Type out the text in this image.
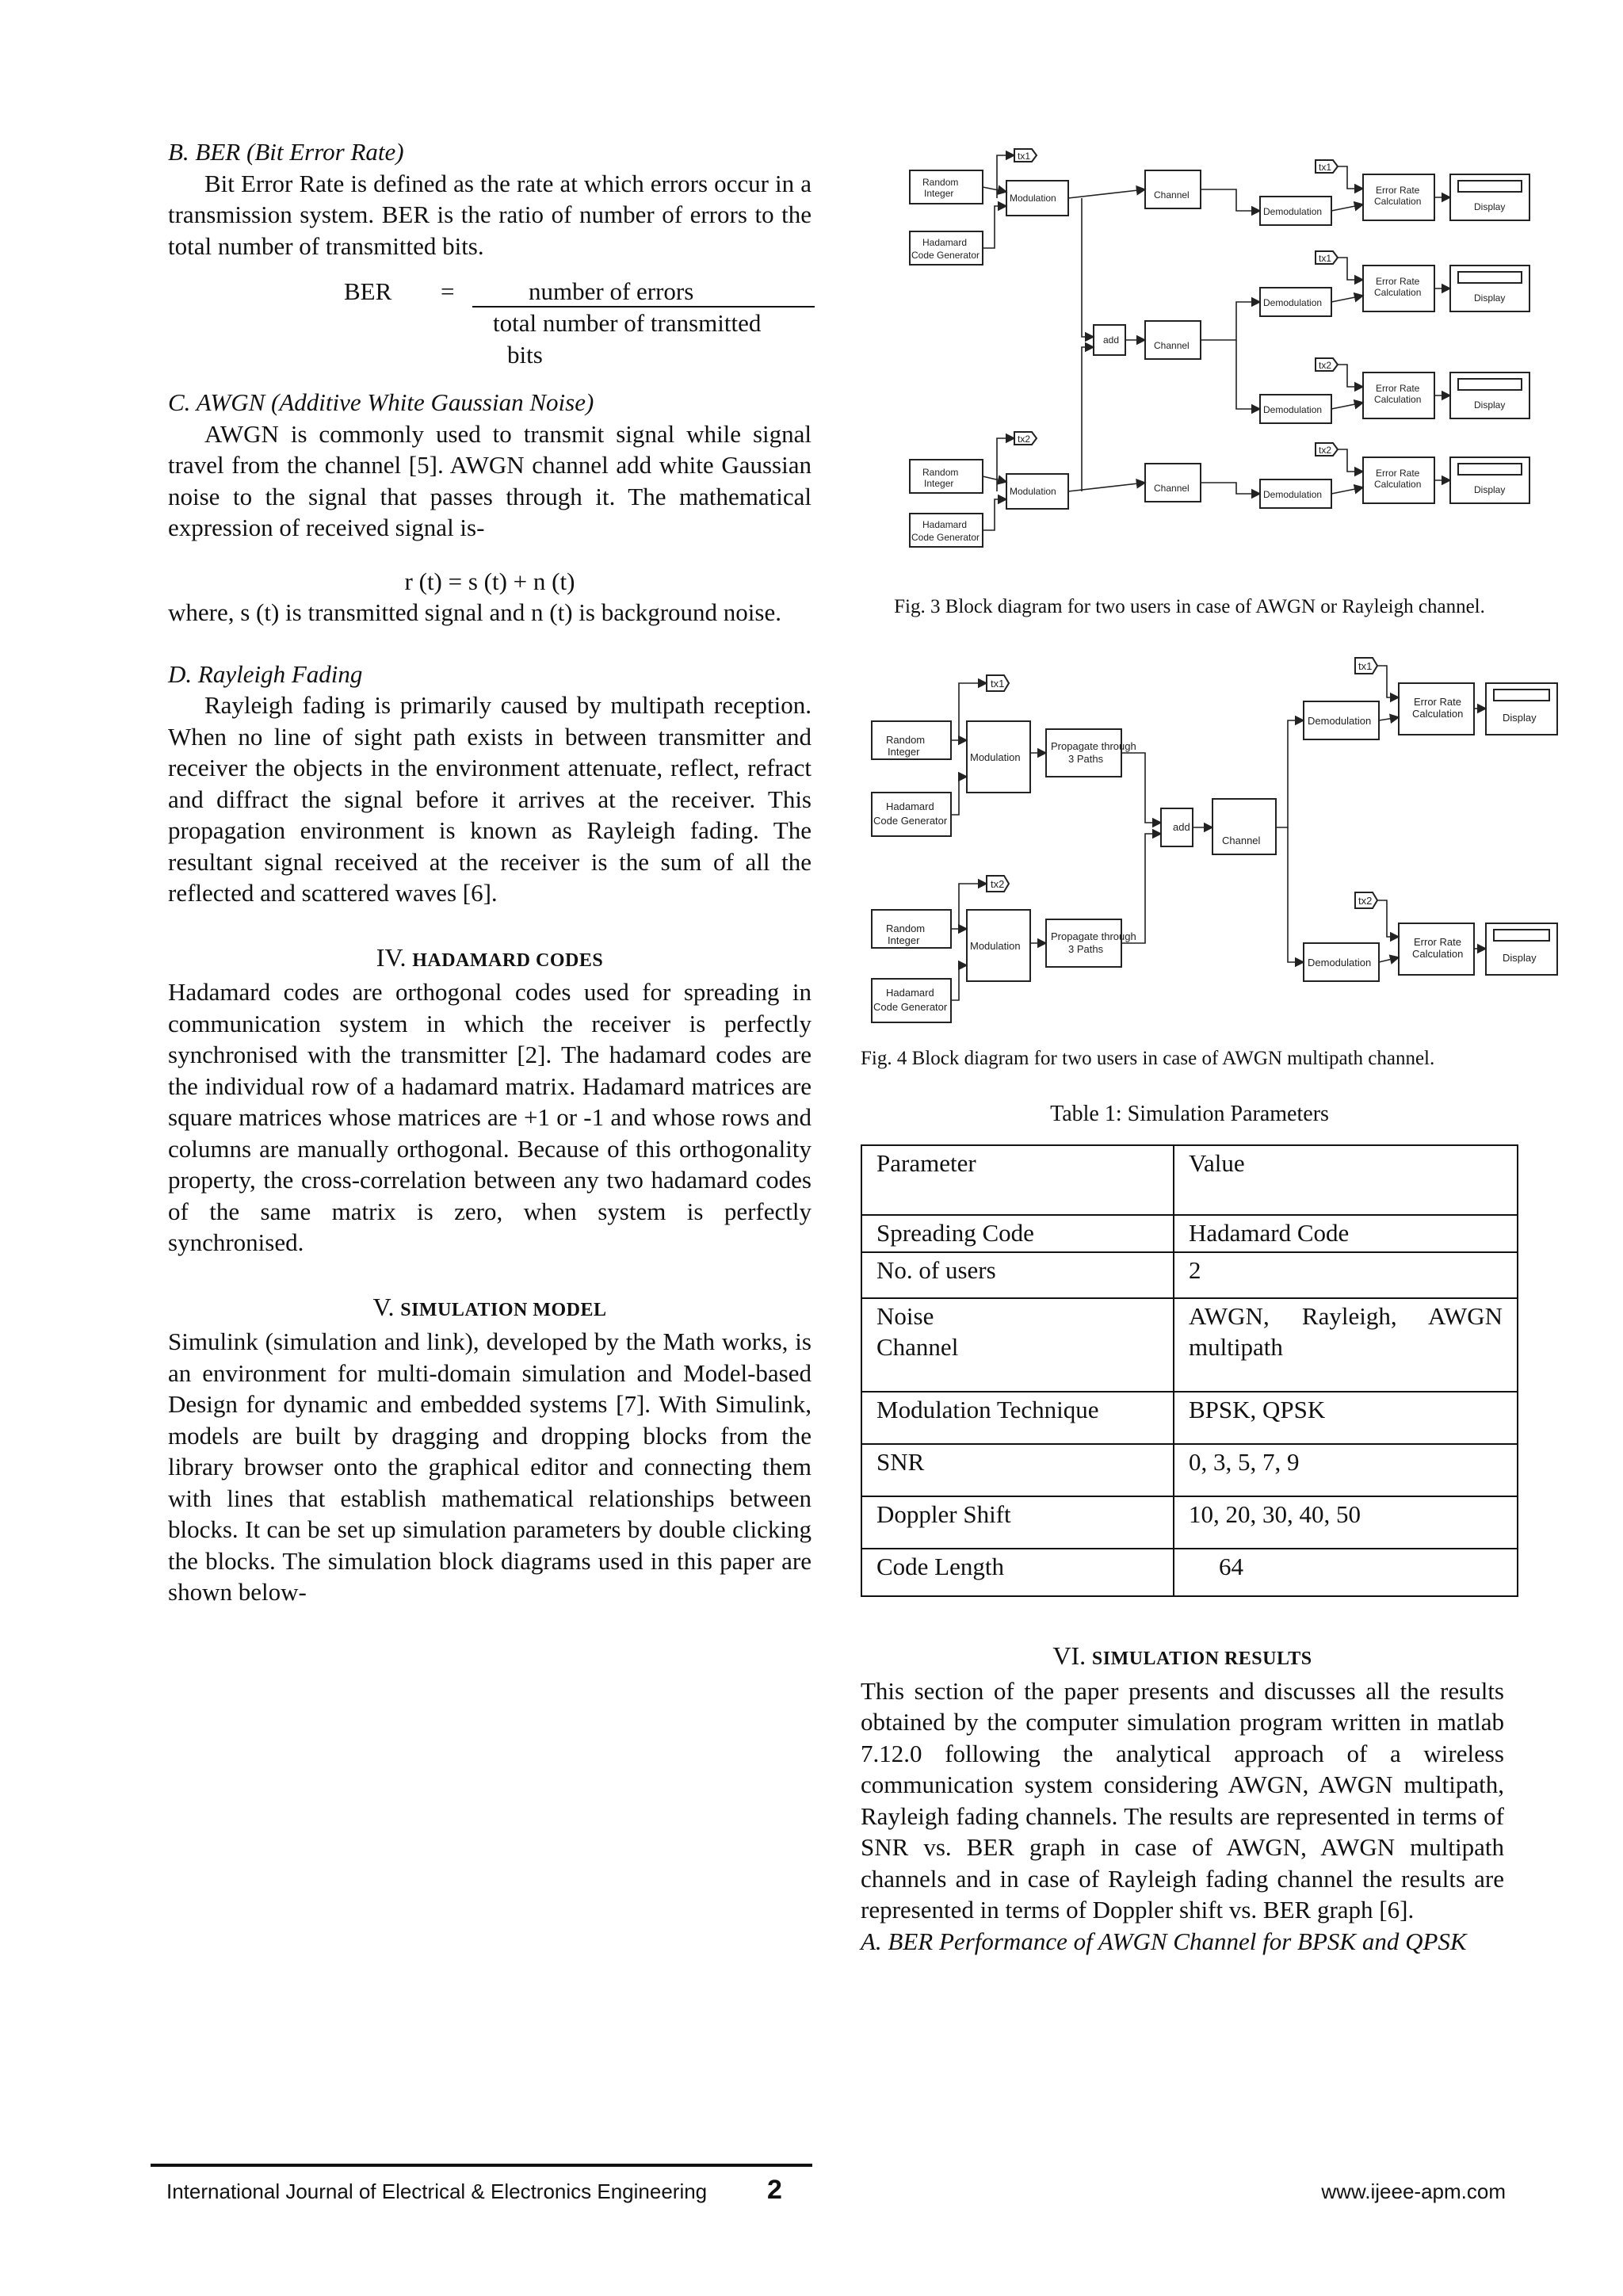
B. BER (Bit Error Rate)

Bit Error Rate is defined as the rate at which errors occur in a transmission system. BER is the ratio of number of errors to the total number of transmitted bits.

BER =	number of errors
total number of transmitted
bits

C. AWGN (Additive White Gaussian Noise)

AWGN is commonly used to transmit signal while signal travel from the channel [5]. AWGN channel add white Gaussian noise to the signal that passes through it. The mathematical expression of received signal is-

r (t) = s (t) + n (t)

where, s (t) is transmitted signal and n (t) is background noise.

D. Rayleigh Fading

Rayleigh fading is primarily caused by multipath reception. When no line of sight path exists in between transmitter and receiver the objects in the environment attenuate, reflect, refract and diffract the signal before it arrives at the receiver. This propagation environment is known as Rayleigh fading. The resultant signal received at the receiver is the sum of all the reflected and scattered waves [6].

IV. HADAMARD CODES

Hadamard codes are orthogonal codes used for spreading in communication system in which the receiver is perfectly synchronised with the transmitter [2]. The hadamard codes are the individual row of a hadamard matrix. Hadamard matrices are square matrices whose matrices are +1 or -1 and whose rows and columns are manually orthogonal. Because of this orthogonality property, the cross-correlation between any two hadamard codes of the same matrix is zero, when system is perfectly synchronised.

V. SIMULATION MODEL

Simulink (simulation and link), developed by the Math works, is an environment for multi-domain simulation and Model-based Design for dynamic and embedded systems [7]. With Simulink, models are built by dragging and dropping blocks from the library browser onto the graphical editor and connecting them with lines that establish mathematical relationships between blocks. It can be set up simulation parameters by double clicking the blocks. The simulation block diagrams used in this paper are shown below-

Random
Integer
Hadamard
Code Generator
Modulation
Random
Integer
Hadamard
Code Generator
Modulation
Channel
Channel
Channel
add
Demodulation
Demodulation
Demodulation
Demodulation
Error Rate
Calculation
Error Rate
Calculation
Error Rate
Calculation
Error Rate
Calculation
Display
Display
Display
Display
tx1
tx2
tx1
tx1
tx2
tx2
Fig. 3 Block diagram for two users in case of AWGN or Rayleigh channel.
Random
Integer
Hadamard
Code Generator
Modulation
Propagate through
3 Paths
Random
Integer
Hadamard
Code Generator
Modulation
Propagate through
3 Paths
add
Channel
Demodulation
Demodulation
Error Rate
Calculation
Error Rate
Calculation
Display
Display
tx1
tx2
tx1
tx2
Fig. 4 Block diagram for two users in case of AWGN multipath channel.
Table 1: Simulation Parameters
Parameter	Value
Spreading Code	Hadamard Code
No. of users	2

Noise
Channel	AWGN, Rayleigh, AWGN multipath
Modulation Technique	BPSK, QPSK
SNR	0, 3, 5, 7, 9
Doppler Shift	10, 20, 30, 40, 50
Code Length	64

VI. SIMULATION RESULTS

This section of the paper presents and discusses all the results obtained by the computer simulation program written in matlab 7.12.0 following the analytical approach of a wireless communication system considering AWGN, AWGN multipath, Rayleigh fading channels. The results are represented in terms of SNR vs. BER graph in case of AWGN, AWGN multipath channels and in case of Rayleigh fading channel the results are represented in terms of Doppler shift vs. BER graph [6].

A. BER Performance of AWGN Channel for BPSK and QPSK

International Journal of Electrical & Electronics Engineering 2	www.ijeee-apm.com
